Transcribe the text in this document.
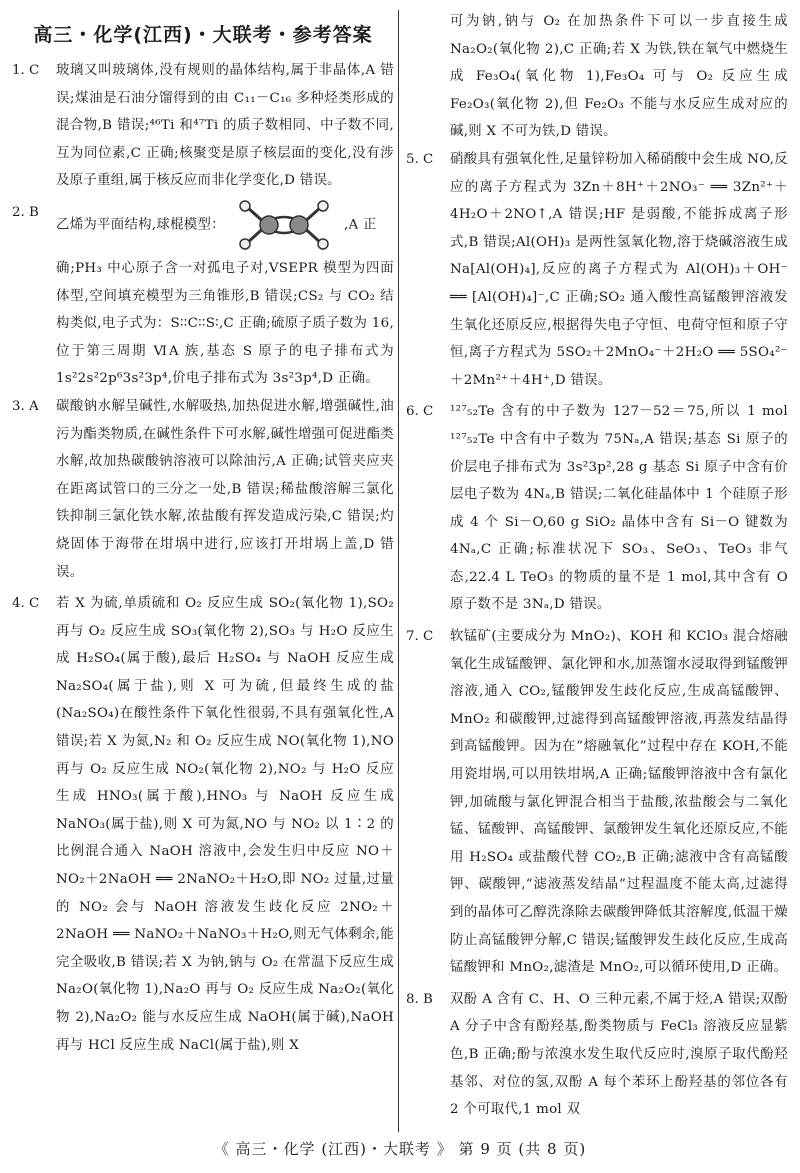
高三・化学(江西)・大联考・参考答案
1. C	玻璃又叫玻璃体,没有规则的晶体结构,属于非晶体,A 错误;煤油是石油分馏得到的由 C₁₁－C₁₆ 多种烃类形成的混合物,B 错误;⁴⁶Ti 和⁴⁷Ti 的质子数相同、中子数不同,互为同位素,C 正确;核聚变是原子核层面的变化,没有涉及原子重组,属于核反应而非化学变化,D 错误。
2. B
乙烯为平面结构,球棍模型：	,A 正
确;PH₃ 中心原子含一对孤电子对,VSEPR 模型为四面体型,空间填充模型为三角锥形,B 错误;CS₂ 与 CO₂ 结构类似,电子式为：S∶∶C∶∶S∶,C 正确;硫原子质子数为 16,位于第三周期 ⅥA 族,基态 S 原子的电子排布式为 1s²2s²2p⁶3s²3p⁴,价电子排布式为 3s²3p⁴,D 正确。
3. A	碳酸钠水解呈碱性,水解吸热,加热促进水解,增强碱性,油污为酯类物质,在碱性条件下可水解,碱性增强可促进酯类水解,故加热碳酸钠溶液可以除油污,A 正确;试管夹应夹在距离试管口的三分之一处,B 错误;稀盐酸溶解三氯化铁抑制三氯化铁水解,浓盐酸有挥发造成污染,C 错误;灼烧固体于海带在坩埚中进行,应该打开坩埚上盖,D 错误。
4. C	若 X 为硫,单质硫和 O₂ 反应生成 SO₂(氧化物 1),SO₂ 再与 O₂ 反应生成 SO₃(氧化物 2),SO₃ 与 H₂O 反应生成 H₂SO₄(属于酸),最后 H₂SO₄ 与 NaOH 反应生成 Na₂SO₄(属于盐),则 X 可为硫,但最终生成的盐(Na₂SO₄)在酸性条件下氧化性很弱,不具有强氧化性,A 错误;若 X 为氮,N₂ 和 O₂ 反应生成 NO(氧化物 1),NO 再与 O₂ 反应生成 NO₂(氧化物 2),NO₂ 与 H₂O 反应生成 HNO₃(属于酸),HNO₃ 与 NaOH 反应生成 NaNO₃(属于盐),则 X 可为氮,NO 与 NO₂ 以 1∶2 的比例混合通入 NaOH 溶液中,会发生归中反应 NO＋NO₂＋2NaOH ══ 2NaNO₂＋H₂O,即 NO₂ 过量,过量的 NO₂ 会与 NaOH 溶液发生歧化反应 2NO₂＋2NaOH ══ NaNO₂＋NaNO₃＋H₂O,则无气体剩余,能完全吸收,B 错误;若 X 为钠,钠与 O₂ 在常温下反应生成 Na₂O(氧化物 1),Na₂O 再与 O₂ 反应生成 Na₂O₂(氧化物 2),Na₂O₂ 能与水反应生成 NaOH(属于碱),NaOH 再与 HCl 反应生成 NaCl(属于盐),则 X
可为钠,钠与 O₂ 在加热条件下可以一步直接生成 Na₂O₂(氧化物 2),C 正确;若 X 为铁,铁在氧气中燃烧生成 Fe₃O₄(氧化物 1),Fe₃O₄ 可与 O₂ 反应生成 Fe₂O₃(氧化物 2),但 Fe₂O₃ 不能与水反应生成对应的碱,则 X 不可为铁,D 错误。
5. C	硝酸具有强氧化性,足量锌粉加入稀硝酸中会生成 NO,反应的离子方程式为 3Zn＋8H⁺＋2NO₃⁻ ══ 3Zn²⁺＋4H₂O＋2NO↑,A 错误;HF 是弱酸,不能拆成离子形式,B 错误;Al(OH)₃ 是两性氢氧化物,溶于烧碱溶液生成 Na[Al(OH)₄],反应的离子方程式为 Al(OH)₃＋OH⁻ ══ [Al(OH)₄]⁻,C 正确;SO₂ 通入酸性高锰酸钾溶液发生氧化还原反应,根据得失电子守恒、电荷守恒和原子守恒,离子方程式为 5SO₂＋2MnO₄⁻＋2H₂O ══ 5SO₄²⁻＋2Mn²⁺＋4H⁺,D 错误。
6. C	¹²⁷₅₂Te 含有的中子数为 127－52＝75,所以 1 mol ¹²⁷₅₂Te 中含有中子数为 75Nₐ,A 错误;基态 Si 原子的价层电子排布式为 3s²3p²,28 g 基态 Si 原子中含有价层电子数为 4Nₐ,B 错误;二氧化硅晶体中 1 个硅原子形成 4 个 Si－O,60 g SiO₂ 晶体中含有 Si－O 键数为 4Nₐ,C 正确;标准状况下 SO₃、SeO₃、TeO₃ 非气态,22.4 L TeO₃ 的物质的量不是 1 mol,其中含有 O 原子数不是 3Nₐ,D 错误。
7. C	软锰矿(主要成分为 MnO₂)、KOH 和 KClO₃ 混合熔融氧化生成锰酸钾、氯化钾和水,加蒸馏水浸取得到锰酸钾溶液,通入 CO₂,锰酸钾发生歧化反应,生成高锰酸钾、MnO₂ 和碳酸钾,过滤得到高锰酸钾溶液,再蒸发结晶得到高锰酸钾。因为在“熔融氧化”过程中存在 KOH,不能用瓷坩埚,可以用铁坩埚,A 正确;锰酸钾溶液中含有氯化钾,加硫酸与氯化钾混合相当于盐酸,浓盐酸会与二氧化锰、锰酸钾、高锰酸钾、氯酸钾发生氧化还原反应,不能用 H₂SO₄ 或盐酸代替 CO₂,B 正确;滤液中含有高锰酸钾、碳酸钾,“滤液蒸发结晶”过程温度不能太高,过滤得到的晶体可乙醇洗涤除去碳酸钾降低其溶解度,低温干燥防止高锰酸钾分解,C 错误;锰酸钾发生歧化反应,生成高锰酸钾和 MnO₂,滤渣是 MnO₂,可以循环使用,D 正确。
8. B	双酚 A 含有 C、H、O 三种元素,不属于烃,A 错误;双酚 A 分子中含有酚羟基,酚类物质与 FeCl₃ 溶液反应显紫色,B 正确;酚与浓溴水发生取代反应时,溴原子取代酚羟基邻、对位的氢,双酚 A 每个苯环上酚羟基的邻位各有 2 个可取代,1 mol 双
《 高三・化学 (江西)・大联考 》 第 9 页 (共 8 页)
